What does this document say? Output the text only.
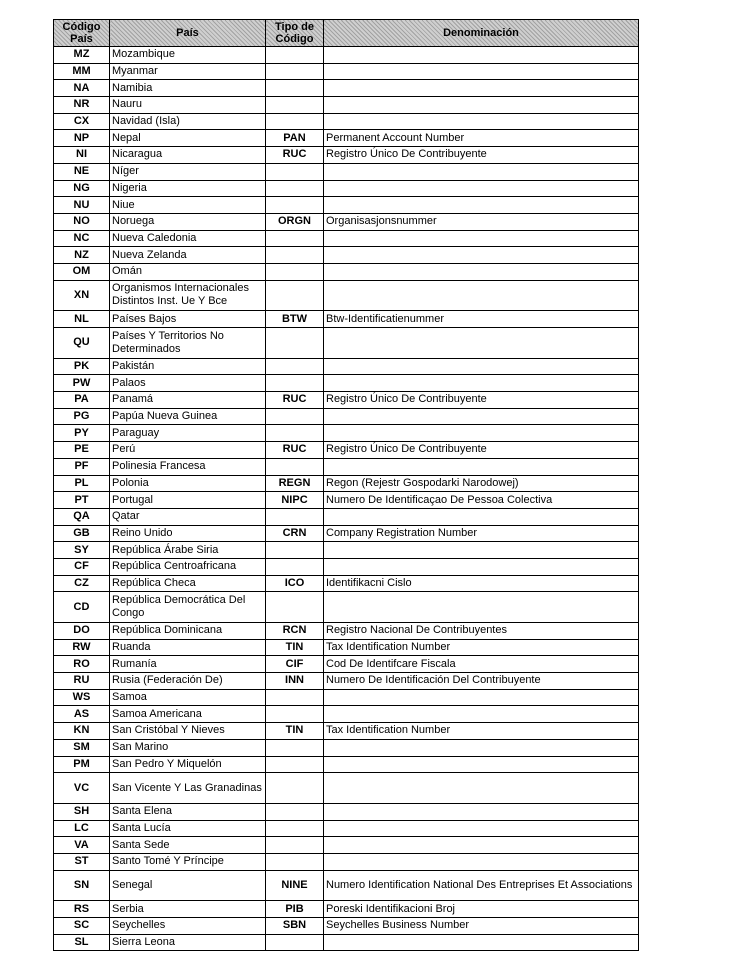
Código País	País	Tipo de Código	Denominación
MZ	Mozambique		
MM	Myanmar		
NA	Namibia		
NR	Nauru		
CX	Navidad (Isla)		
NP	Nepal	PAN	Permanent Account Number
NI	Nicaragua	RUC	Registro Único De Contribuyente
NE	Níger		
NG	Nigeria		
NU	Niue		
NO	Noruega	ORGN	Organisasjonsnummer
NC	Nueva Caledonia		
NZ	Nueva Zelanda		
OM	Omán		
XN	Organismos Internacionales Distintos Inst. Ue Y Bce		
NL	Países Bajos	BTW	Btw-Identificatienummer
QU	Países Y Territorios No Determinados		
PK	Pakistán		
PW	Palaos		
PA	Panamá	RUC	Registro Único De Contribuyente
PG	Papúa Nueva Guinea		
PY	Paraguay		
PE	Perú	RUC	Registro Único De Contribuyente
PF	Polinesia Francesa		
PL	Polonia	REGN	Regon (Rejestr Gospodarki Narodowej)
PT	Portugal	NIPC	Numero De Identificaçao De Pessoa Colectiva
QA	Qatar		
GB	Reino Unido	CRN	Company Registration Number
SY	República Árabe Siria		
CF	República Centroafricana		
CZ	República Checa	ICO	Identifikacni Cislo
CD	República Democrática Del Congo		
DO	República Dominicana	RCN	Registro Nacional De Contribuyentes
RW	Ruanda	TIN	Tax Identification Number
RO	Rumanía	CIF	Cod De Identifcare Fiscala
RU	Rusia (Federación De)	INN	Numero De Identificación Del Contribuyente
WS	Samoa		
AS	Samoa Americana		
KN	San Cristóbal Y Nieves	TIN	Tax Identification Number
SM	San Marino		
PM	San Pedro Y Miquelón		
VC	San Vicente Y Las Granadinas		
SH	Santa Elena		
LC	Santa Lucía		
VA	Santa Sede		
ST	Santo Tomé Y Príncipe		
SN	Senegal	NINE	Numero Identification National Des Entreprises Et Associations
RS	Serbia	PIB	Poreski Identifikacioni Broj
SC	Seychelles	SBN	Seychelles Business Number
SL	Sierra Leona		
